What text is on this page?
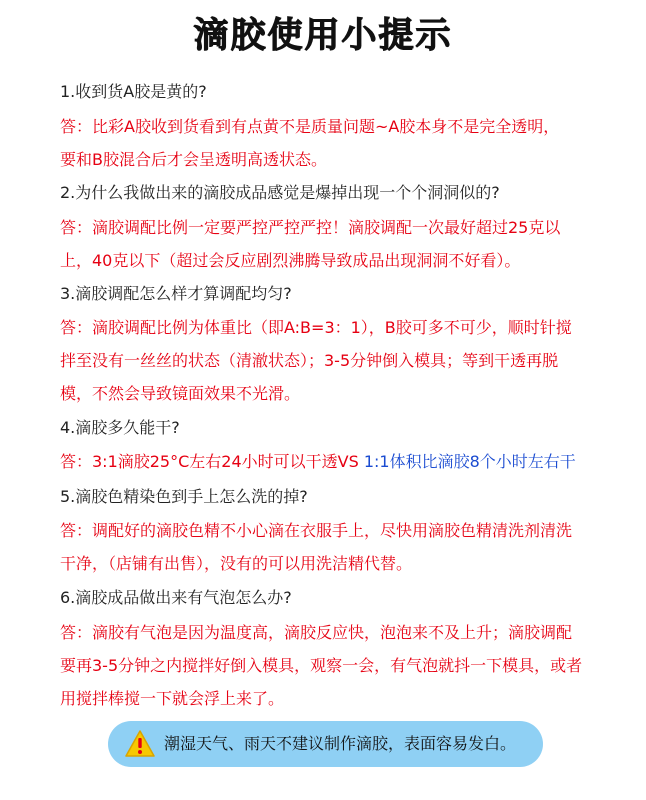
滴胶使用小提示
1.收到货A胶是黄的?
答：比彩A胶收到货看到有点黄不是质量问题~A胶本身不是完全透明，
要和B胶混合后才会呈透明高透状态。
2.为什么我做出来的滴胶成品感觉是爆掉出现一个个洞洞似的?
答：滴胶调配比例一定要严控严控严控！滴胶调配一次最好超过25克以
上，40克以下（超过会反应剧烈沸腾导致成品出现洞洞不好看）。
3.滴胶调配怎么样才算调配均匀?
答：滴胶调配比例为体重比（即A:B=3：1），B胶可多不可少，顺时针搅
拌至没有一丝丝的状态（清澈状态）；3-5分钟倒入模具；等到干透再脱
模，不然会导致镜面效果不光滑。
4.滴胶多久能干?
答：3:1滴胶25°C左右24小时可以干透VS 1:1体积比滴胶8个小时左右干
5.滴胶色精染色到手上怎么洗的掉?
答：调配好的滴胶色精不小心滴在衣服手上，尽快用滴胶色精清洗剂清洗
干净，（店铺有出售），没有的可以用洗洁精代替。
6.滴胶成品做出来有气泡怎么办?
答：滴胶有气泡是因为温度高，滴胶反应快，泡泡来不及上升；滴胶调配
要再3-5分钟之内搅拌好倒入模具，观察一会，有气泡就抖一下模具，或者
用搅拌棒搅一下就会浮上来了。
潮湿天气、雨天不建议制作滴胶，表面容易发白。
